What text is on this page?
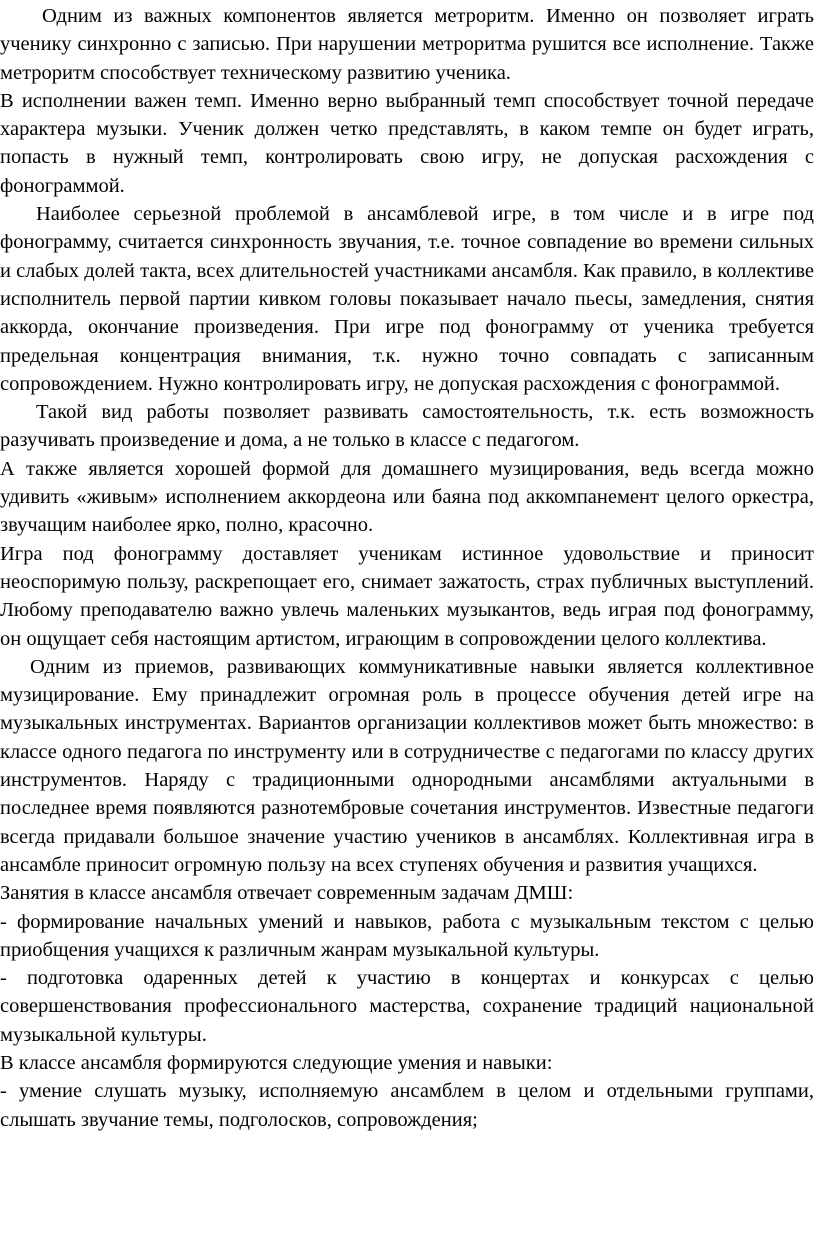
Одним из важных компонентов является метроритм. Именно он позволяет играть ученику синхронно с записью. При нарушении метроритма рушится все исполнение. Также метроритм способствует техническому развитию ученика.

В исполнении важен темп. Именно верно выбранный темп способствует точной передаче характера музыки. Ученик должен четко представлять, в каком темпе он будет играть, попасть в нужный темп, контролировать свою игру, не допуская расхождения с фонограммой.

Наиболее серьезной проблемой в ансамблевой игре, в том числе и в игре под фонограмму, считается синхронность звучания, т.е. точное совпадение во времени сильных и слабых долей такта, всех длительностей участниками ансамбля. Как правило, в коллективе исполнитель первой партии кивком головы показывает начало пьесы, замедления, снятия аккорда, окончание произведения. При игре под фонограмму от ученика требуется предельная концентрация внимания, т.к. нужно точно совпадать с записанным сопровождением. Нужно контролировать игру, не допуская расхождения с фонограммой.

Такой вид работы позволяет развивать самостоятельность, т.к. есть возможность разучивать произведение и дома, а не только в классе с педагогом.

А также является хорошей формой для домашнего музицирования, ведь всегда можно удивить «живым» исполнением аккордеона или баяна под аккомпанемент целого оркестра, звучащим наиболее ярко, полно, красочно.

Игра под фонограмму доставляет ученикам истинное удовольствие и приносит неоспоримую пользу, раскрепощает его, снимает зажатость, страх публичных выступлений. Любому преподавателю важно увлечь маленьких музыкантов, ведь играя под фонограмму, он ощущает себя настоящим артистом, играющим в сопровождении целого коллектива.

Одним из приемов, развивающих коммуникативные навыки является коллективное музицирование. Ему принадлежит огромная роль в процессе обучения детей игре на музыкальных инструментах. Вариантов организации коллективов может быть множество: в классе одного педагога по инструменту или в сотрудничестве с педагогами по классу других инструментов. Наряду с традиционными однородными ансамблями актуальными в последнее время появляются разнотембровые сочетания инструментов. Известные педагоги всегда придавали большое значение участию учеников в ансамблях. Коллективная игра в ансамбле приносит огромную пользу на всех ступенях обучения и развития учащихся.

Занятия в классе ансамбля отвечает современным задачам ДМШ:

- формирование начальных умений и навыков, работа с музыкальным текстом с целью приобщения учащихся к различным жанрам музыкальной культуры.

- подготовка одаренных детей к участию в концертах и конкурсах с целью совершенствования профессионального мастерства, сохранение традиций национальной музыкальной культуры.

В классе ансамбля формируются следующие умения и навыки:

- умение слушать музыку, исполняемую ансамблем в целом и отдельными группами, слышать звучание темы, подголосков, сопровождения;
